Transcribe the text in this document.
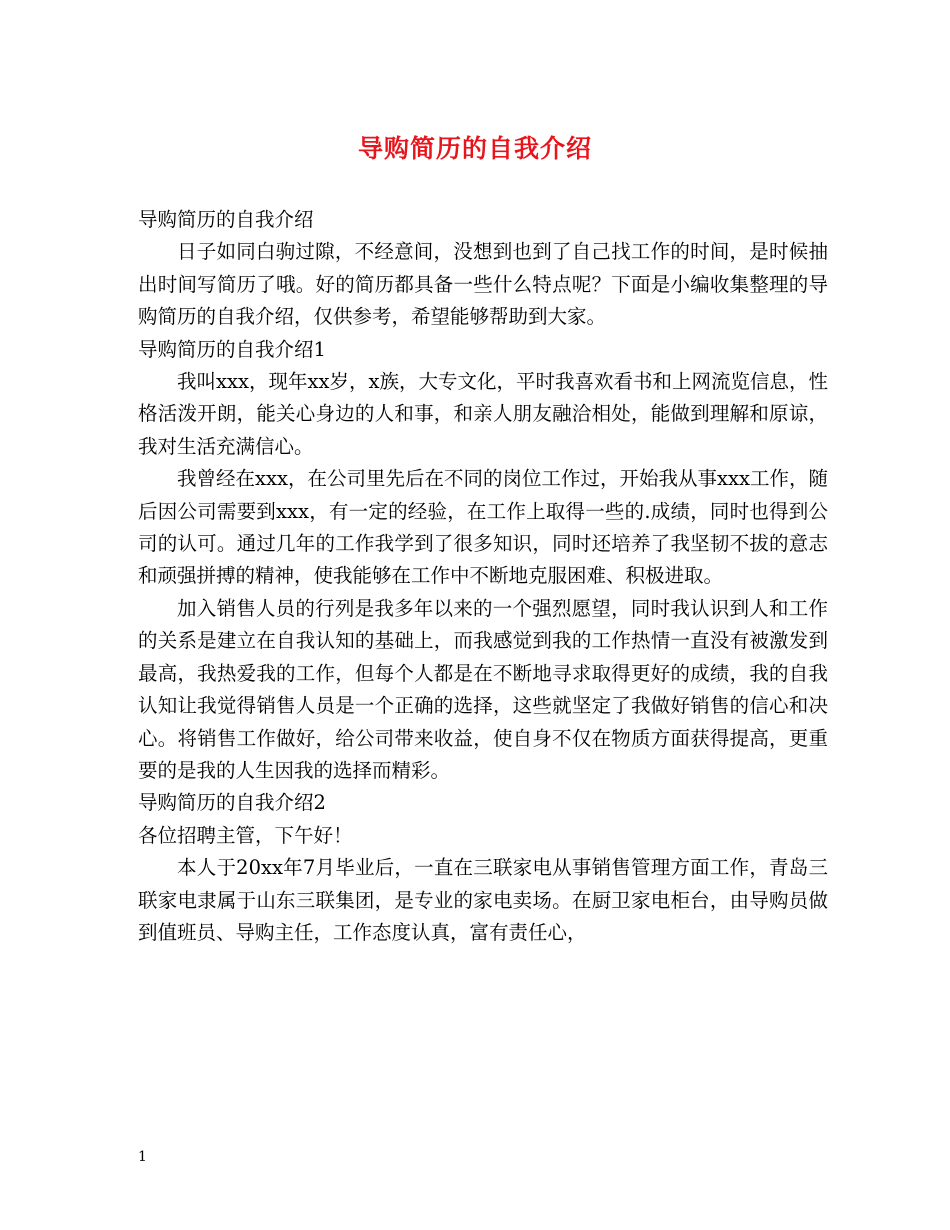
导购简历的自我介绍

导购简历的自我介绍

日子如同白驹过隙，不经意间，没想到也到了自己找工作的时间，是时候抽出时间写简历了哦。好的简历都具备一些什么特点呢？下面是小编收集整理的导购简历的自我介绍，仅供参考，希望能够帮助到大家。

导购简历的自我介绍1

我叫xxx，现年xx岁，x族，大专文化，平时我喜欢看书和上网流览信息，性格活泼开朗，能关心身边的人和事，和亲人朋友融洽相处，能做到理解和原谅，我对生活充满信心。

我曾经在xxx，在公司里先后在不同的岗位工作过，开始我从事xxx工作，随后因公司需要到xxx，有一定的经验，在工作上取得一些的.成绩，同时也得到公司的认可。通过几年的工作我学到了很多知识，同时还培养了我坚韧不拔的意志和顽强拼搏的精神，使我能够在工作中不断地克服困难、积极进取。

加入销售人员的行列是我多年以来的一个强烈愿望，同时我认识到人和工作的关系是建立在自我认知的基础上，而我感觉到我的工作热情一直没有被激发到最高，我热爱我的工作，但每个人都是在不断地寻求取得更好的成绩，我的自我认知让我觉得销售人员是一个正确的选择，这些就坚定了我做好销售的信心和决心。将销售工作做好，给公司带来收益，使自身不仅在物质方面获得提高，更重要的是我的人生因我的选择而精彩。

导购简历的自我介绍2

各位招聘主管，下午好！

本人于20xx年7月毕业后，一直在三联家电从事销售管理方面工作，青岛三联家电隶属于山东三联集团，是专业的家电卖场。在厨卫家电柜台，由导购员做到值班员、导购主任，工作态度认真，富有责任心，

1
